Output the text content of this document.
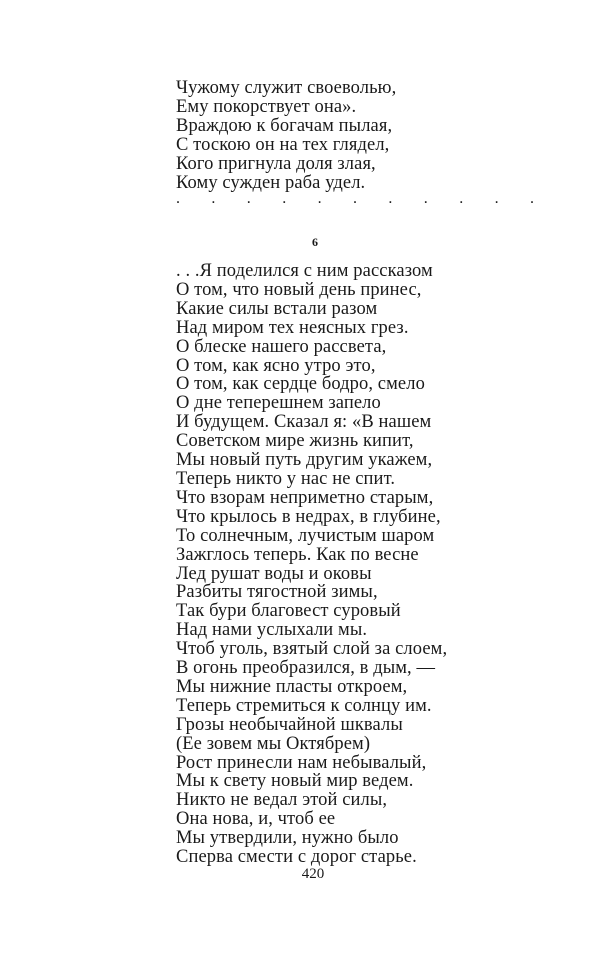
Чужому служит своеволью,
Ему покорствует она».
Враждою к богачам пылая,
С тоскою он на тех глядел,
Кого пригнула доля злая,
Кому сужден раба удел.
. . . . . . . . . . .
6
. . .Я поделился с ним рассказом
О том, что новый день принес,
Какие силы встали разом
Над миром тех неясных грез.
О блеске нашего рассвета,
О том, как ясно утро это,
О том, как сердце бодро, смело
О дне теперешнем запело
И будущем. Сказал я: «В нашем
Советском мире жизнь кипит,
Мы новый путь другим укажем,
Теперь никто у нас не спит.
Что взорам неприметно старым,
Что крылось в недрах, в глубине,
То солнечным, лучистым шаром
Зажглось теперь. Как по весне
Лед рушат воды и оковы
Разбиты тягостной зимы,
Так бури благовест суровый
Над нами услыхали мы.
Чтоб уголь, взятый слой за слоем,
В огонь преобразился, в дым, —
Мы нижние пласты откроем,
Теперь стремиться к солнцу им.
Грозы необычайной шквалы
(Ее зовем мы Октябрем)
Рост принесли нам небывалый,
Мы к свету новый мир ведем.
Никто не ведал этой силы,
Она нова, и, чтоб ее
Мы утвердили, нужно было
Сперва смести с дорог старье.
420
